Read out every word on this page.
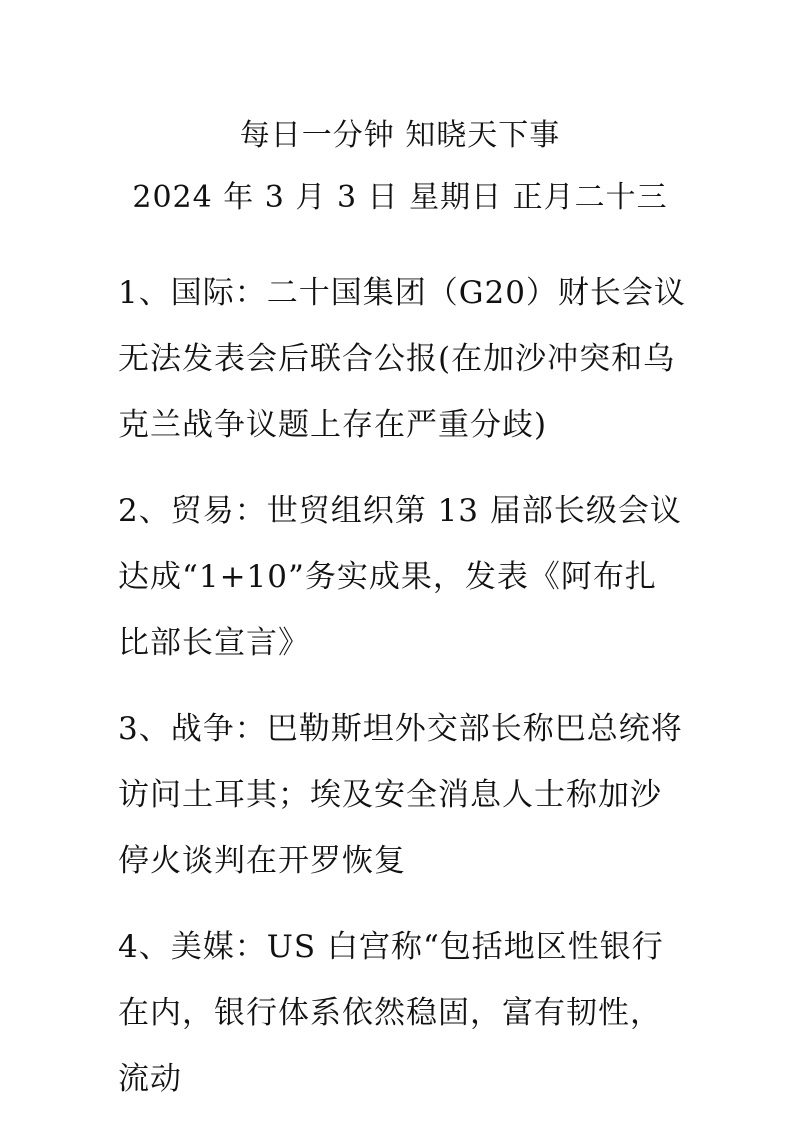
每日一分钟 知晓天下事
2024 年 3 月 3 日 星期日 正月二十三
1、国际：二十国集团（G20）财长会议无法发表会后联合公报(在加沙冲突和乌克兰战争议题上存在严重分歧)
2、贸易：世贸组织第 13 届部长级会议达成“1+10”务实成果，发表《阿布扎比部长宣言》
3、战争：巴勒斯坦外交部长称巴总统将访问土耳其；埃及安全消息人士称加沙停火谈判在开罗恢复
4、美媒：US 白宫称“包括地区性银行在内，银行体系依然稳固，富有韧性，流动
